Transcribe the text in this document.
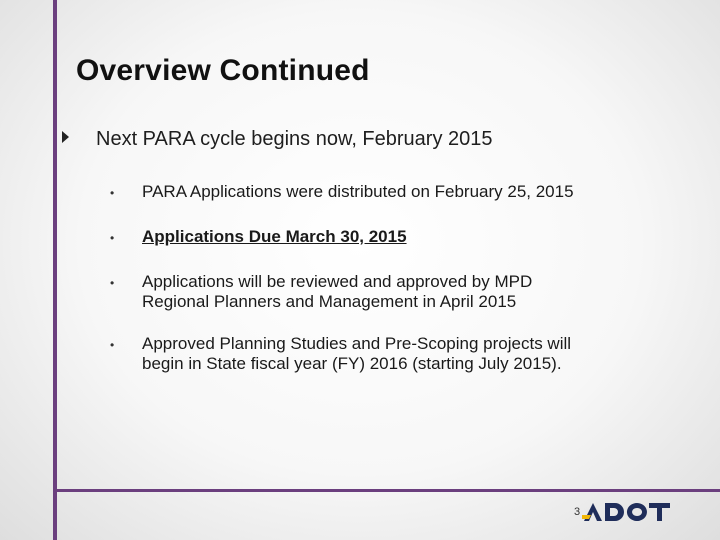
Overview Continued
Next PARA cycle begins now, February 2015
•	PARA Applications were distributed on February 25, 2015
•	Applications Due March 30, 2015
•	Applications will be reviewed and approved by MPD Regional Planners and Management in April 2015
•	Approved Planning Studies and Pre-Scoping projects will begin in State fiscal year (FY) 2016 (starting July 2015).
3
